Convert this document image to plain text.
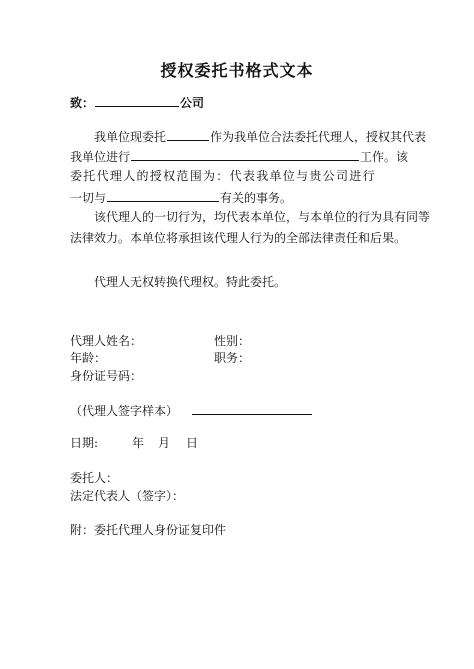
授权委托书格式文本
致：	公司
我单位现委托	作为我单位合法委托代理人，授权其代表
我单位进行	工作。该
委托代理人的授权范围为：代表我单位与贵公司进行
一切与	有关的事务。
该代理人的一切行为，均代表本单位，与本单位的行为具有同等
法律效力。本单位将承担该代理人行为的全部法律责任和后果。
代理人无权转换代理权。特此委托。
代理人姓名：	性别：
年龄：	职务：
身份证号码：
（代理人签字样本）
日期:	年 月 日
委托人：
法定代表人（签字）：
附：委托代理人身份证复印件
